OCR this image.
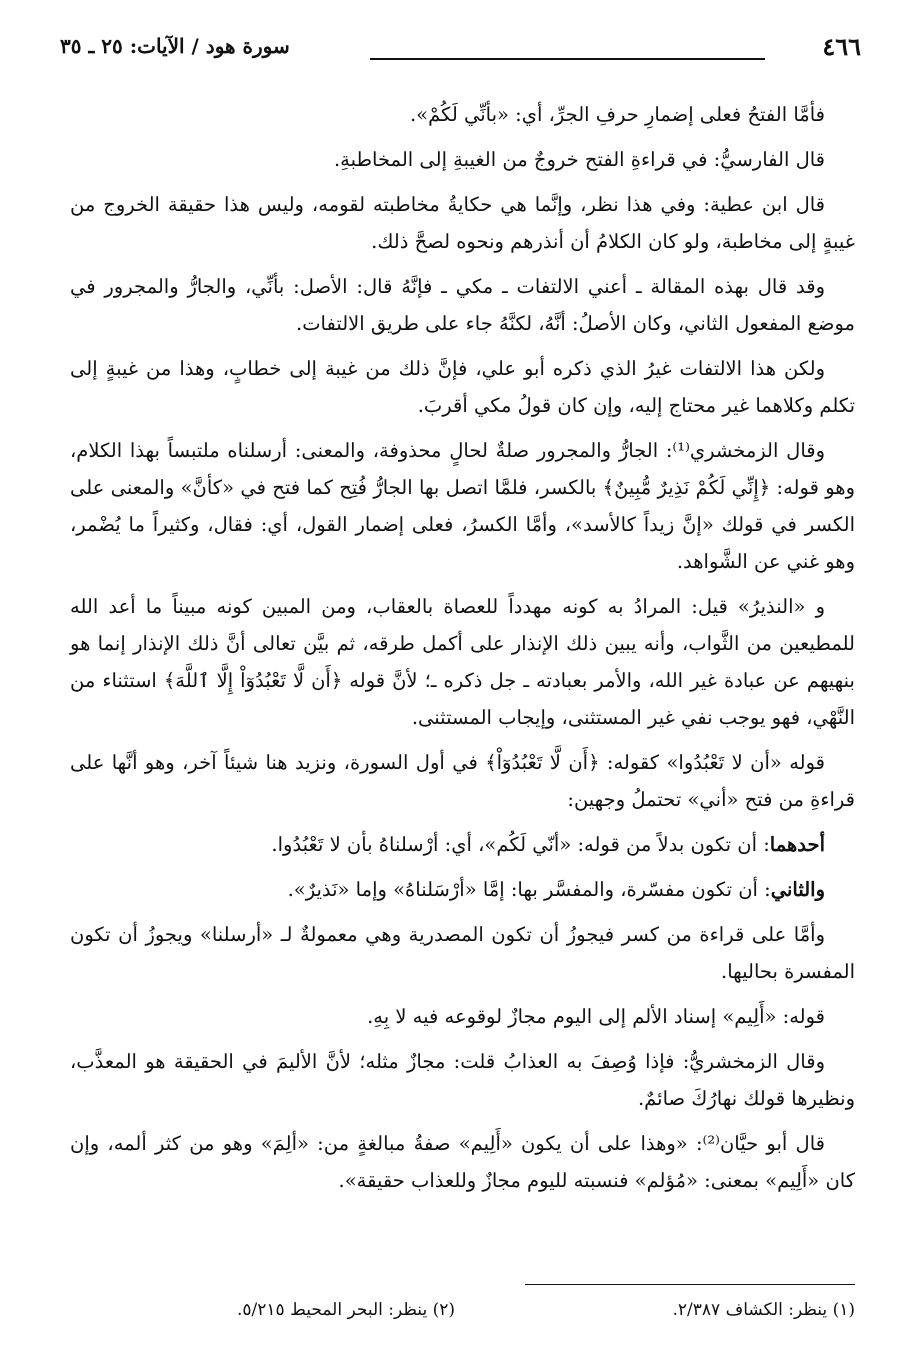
٤٦٦
سورة هود / الآيات: ٢٥ ـ ٣٥

فأمَّا الفتحُ فعلى إضمارِ حرفِ الجرِّ، أي: «بأنِّي لَكُمْ».

قال الفارسيُّ: في قراءةِ الفتح خروجٌ من الغيبةِ إلى المخاطبةِ.

قال ابن عطية: وفي هذا نظر، وإنَّما هي حكايةُ مخاطبته لقومه، وليس هذا حقيقة الخروج من غيبةٍ إلى مخاطبة، ولو كان الكلامُ أن أنذرهم ونحوه لصحَّ ذلك.

وقد قال بهذه المقالة ـ أعني الالتفات ـ مكي ـ فإنَّهُ قال: الأصل: بأنِّي، والجارُّ والمجرور في موضع المفعول الثاني، وكان الأصلُ: أنَّهُ، لكنَّهُ جاء على طريق الالتفات.

ولكن هذا الالتفات غيرُ الذي ذكره أبو علي، فإنَّ ذلك من غيبة إلى خطابٍ، وهذا من غيبةٍ إلى تكلم وكلاهما غير محتاج إليه، وإن كان قولُ مكي أقربَ.

وقال الزمخشري⁽¹⁾: الجارُّ والمجرور صلةٌ لحالٍ محذوفة، والمعنى: أرسلناه ملتبساً بهذا الكلام، وهو قوله: ﴿إِنِّي لَكُمْ نَذِيرٌ مُّبِينٌ﴾ بالكسر، فلمَّا اتصل بها الجارُّ فُتِح كما فتح في «كأنَّ» والمعنى على الكسر في قولك «إنَّ زيداً كالأسد»، وأمَّا الكسرُ، فعلى إضمار القول، أي: فقال، وكثيراً ما يُضْمر، وهو غني عن الشَّواهد.

و «النذيرُ» قيل: المرادُ به كونه مهدداً للعصاة بالعقاب، ومن المبين كونه مبيناً ما أعد الله للمطيعين من الثَّواب، وأنه يبين ذلك الإنذار على أكمل طرقه، ثم بيَّن تعالى أنَّ ذلك الإنذار إنما هو بنهيهم عن عبادة غير الله، والأمر بعبادته ـ جل ذكره ـ؛ لأنَّ قوله ﴿أَن لَّا تَعْبُدُوٓاْ إِلَّا ٱللَّهَ﴾ استثناء من النَّهْي، فهو يوجب نفي غير المستثنى، وإيجاب المستثنى.

قوله «أن لا تَعْبُدُوا» كقوله: ﴿أَن لَّا تَعْبُدُوٓاْ﴾ في أول السورة، ونزيد هنا شيئاً آخر، وهو أنَّها على قراءةِ من فتح «أني» تحتملُ وجهين:

أحدهما: أن تكون بدلاً من قوله: «أنّي لَكُم»، أي: أرْسلناهُ بأن لا تَعْبُدُوا.

والثاني: أن تكون مفسّرة، والمفسَّر بها: إمَّا «أرْسَلناهُ» وإما «نَذيرٌ».

وأمَّا على قراءة من كسر فيجوزُ أن تكون المصدرية وهي معمولةٌ لـ «أرسلنا» ويجوزُ أن تكون المفسرة بحاليها.

قوله: «أَلِيم» إسناد الألم إلى اليوم مجازٌ لوقوعه فيه لا بِهِ.

وقال الزمخشريُّ: فإذا وُصِفَ به العذابُ قلت: مجازٌ مثله؛ لأنَّ الأليمَ في الحقيقة هو المعذَّب، ونظيرها قولك نهارُكَ صائمٌ.

قال أبو حيَّان⁽²⁾: «وهذا على أن يكون «أَلِيم» صفةُ مبالغةٍ من: «ألِمَ» وهو من كثر ألمه، وإن كان «أَلِيم» بمعنى: «مُؤلم» فنسبته لليوم مجازٌ وللعذاب حقيقة».

(١) ينظر: الكشاف ٢/٣٨٧.
(٢) ينظر: البحر المحيط ٥/٢١٥.
